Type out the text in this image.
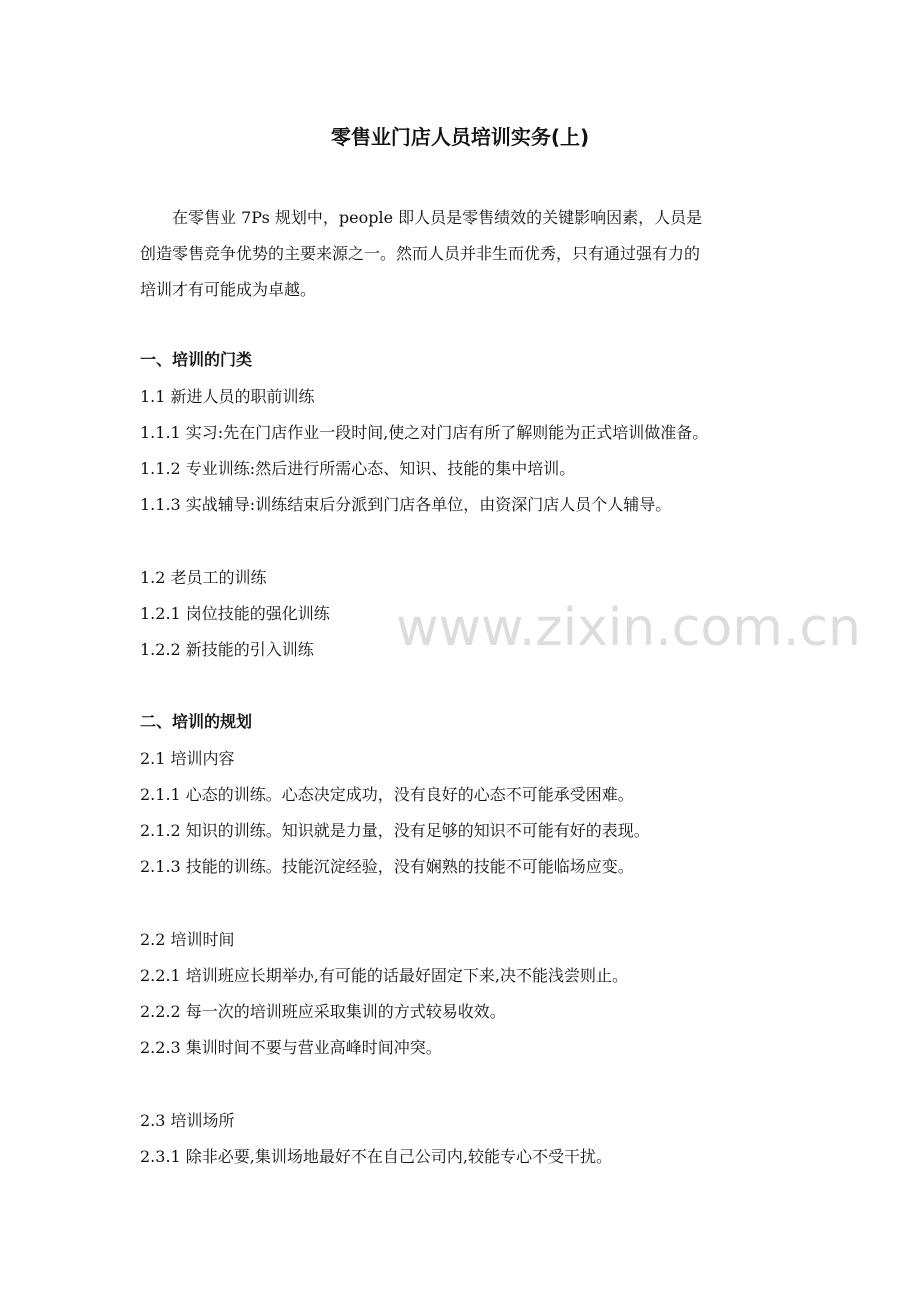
零售业门店人员培训实务(上)

　　在零售业 7Ps 规划中，people 即人员是零售绩效的关键影响因素，人员是

创造零售竞争优势的主要来源之一。然而人员并非生而优秀，只有通过强有力的

培训才有可能成为卓越。

一、培训的门类
1.1 新进人员的职前训练
1.1.1 实习:先在门店作业一段时间,使之对门店有所了解则能为正式培训做准备。
1.1.2 专业训练:然后进行所需心态、知识、技能的集中培训。
1.1.3 实战辅导:训练结束后分派到门店各单位，由资深门店人员个人辅导。
1.2 老员工的训练
1.2.1 岗位技能的强化训练
1.2.2 新技能的引入训练
二、培训的规划
2.1 培训内容
2.1.1 心态的训练。心态决定成功，没有良好的心态不可能承受困难。
2.1.2 知识的训练。知识就是力量，没有足够的知识不可能有好的表现。
2.1.3 技能的训练。技能沉淀经验，没有娴熟的技能不可能临场应变。
2.2 培训时间
2.2.1 培训班应长期举办,有可能的话最好固定下来,决不能浅尝则止。
2.2.2 每一次的培训班应采取集训的方式较易收效。
2.2.3 集训时间不要与营业高峰时间冲突。
2.3 培训场所
2.3.1 除非必要,集训场地最好不在自己公司内,较能专心不受干扰。
www.zixin.com.cn
